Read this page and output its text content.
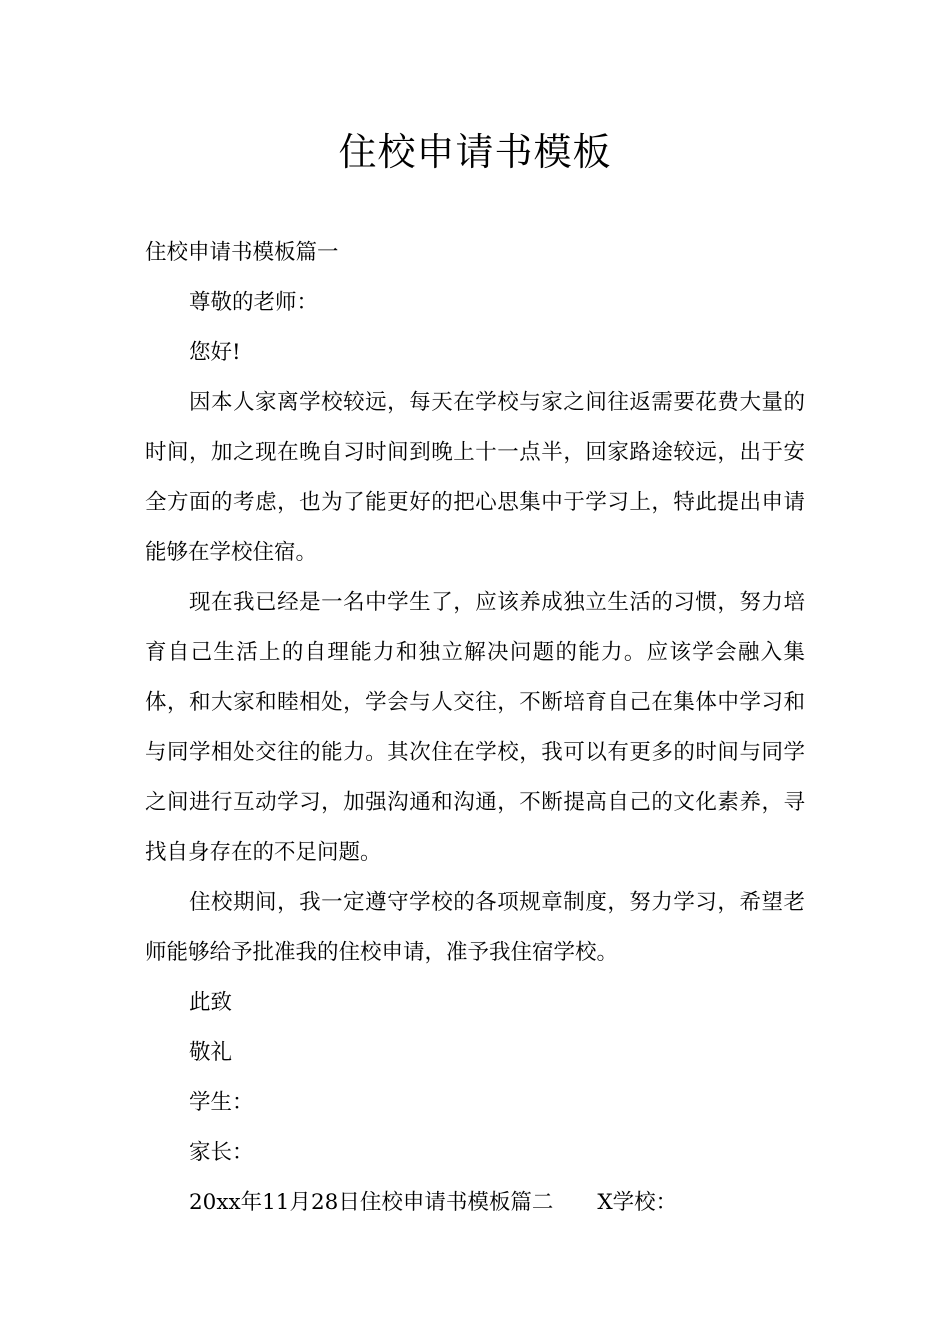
住校申请书模板

住校申请书模板篇一

尊敬的老师：

您好!

因本人家离学校较远，每天在学校与家之间往返需要花费大量的时间，加之现在晚自习时间到晚上十一点半，回家路途较远，出于安全方面的考虑，也为了能更好的把心思集中于学习上，特此提出申请能够在学校住宿。

现在我已经是一名中学生了，应该养成独立生活的习惯，努力培育自己生活上的自理能力和独立解决问题的能力。应该学会融入集体，和大家和睦相处，学会与人交往，不断培育自己在集体中学习和与同学相处交往的能力。其次住在学校，我可以有更多的时间与同学之间进行互动学习，加强沟通和沟通，不断提高自己的文化素养，寻找自身存在的不足问题。

住校期间，我一定遵守学校的各项规章制度，努力学习，希望老师能够给予批准我的住校申请，准予我住宿学校。

此致

敬礼

学生：

家长：

20xx年11月28日住校申请书模板篇二 X学校：
